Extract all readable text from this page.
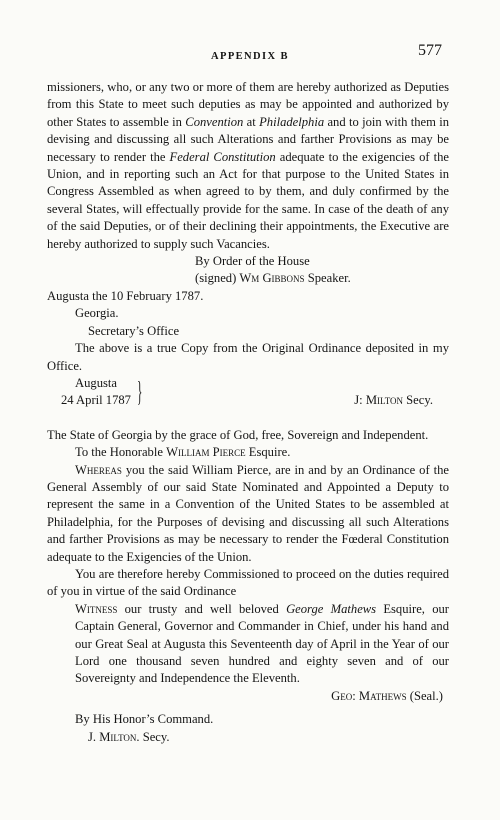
APPENDIX B	577

missioners, who, or any two or more of them are hereby authorized as Deputies from this State to meet such deputies as may be appointed and authorized by other States to assemble in Convention at Philadelphia and to join with them in devising and discussing all such Alterations and farther Provisions as may be necessary to render the Federal Constitution adequate to the exigencies of the Union, and in reporting such an Act for that purpose to the United States in Congress Assembled as when agreed to by them, and duly confirmed by the several States, will effectually provide for the same. In case of the death of any of the said Deputies, or of their declining their appointments, the Executive are hereby authorized to supply such Vacancies.

By Order of the House

(signed) Wm Gibbons Speaker.

Augusta the 10 February 1787.

Georgia.

Secretary’s Office

The above is a true Copy from the Original Ordinance deposited in my Office.

Augusta

24 April 1787 }	J: Milton Secy.

The State of Georgia by the grace of God, free, Sovereign and Independent.

To the Honorable William Pierce Esquire.

Whereas you the said William Pierce, are in and by an Ordinance of the General Assembly of our said State Nominated and Appointed a Deputy to represent the same in a Convention of the United States to be assembled at Philadelphia, for the Purposes of devising and discussing all such Alterations and farther Provisions as may be necessary to render the Fœderal Constitution adequate to the Exigencies of the Union.

You are therefore hereby Commissioned to proceed on the duties required of you in virtue of the said Ordinance

Witness our trusty and well beloved George Mathews Esquire, our Captain General, Governor and Commander in Chief, under his hand and our Great Seal at Augusta this Seventeenth day of April in the Year of our Lord one thousand seven hundred and eighty seven and of our Sovereignty and Independence the Eleventh.

Geo: Mathews (Seal.)

By His Honor’s Command.

J. Milton. Secy.
